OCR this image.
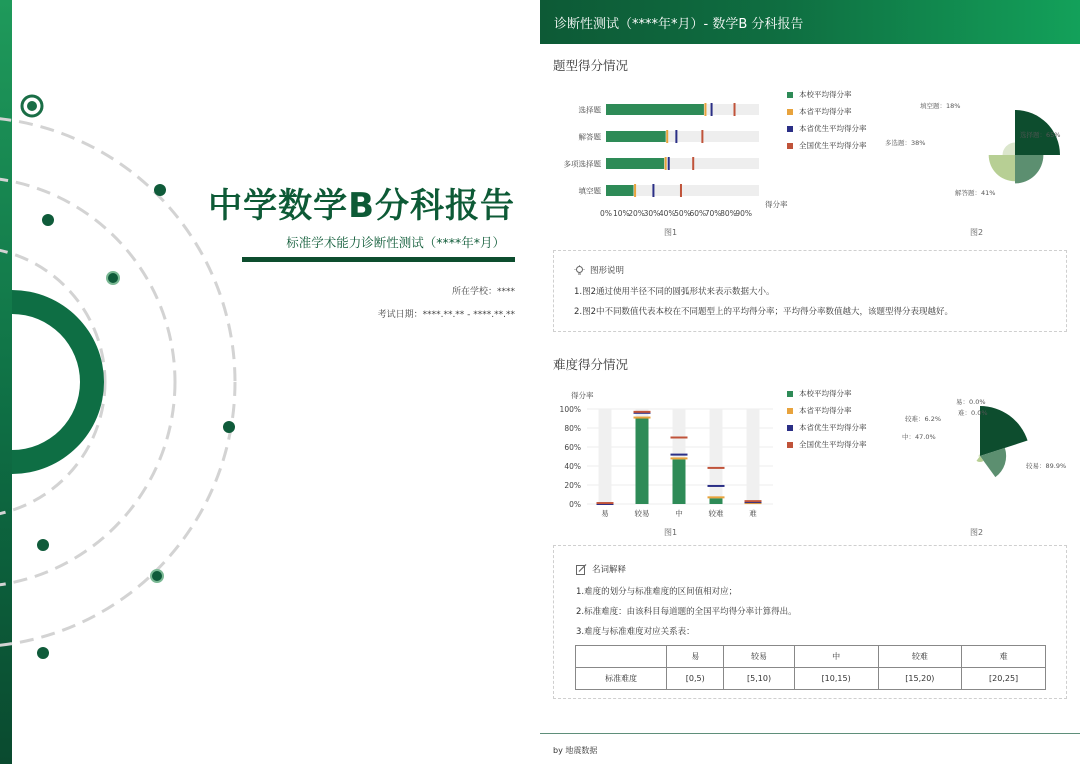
中学数学B分科报告
标准学术能力诊断性测试（****年*月）
所在学校：****
考试日期：****.**.** - ****.**.**
诊断性测试（****年*月）- 数学B 分科报告
题型得分情况
选择题
解答题
多项选择题
填空题
0% 10%
20%
30%
40%
50%
60%
70%
80%
90%
得分率
图1
本校平均得分率
本省平均得分率
本省优生平均得分率
全国优生平均得分率
选择题：65%
解答题：41%
多选题：38%
填空题：18%
图2
图形说明
1.图2通过使用半径不同的圆弧形状来表示数据大小。
2.图2中不同数值代表本校在不同题型上的平均得分率；平均得分率数值越大，该题型得分表现越好。
难度得分情况
得分率
0%
20%
40%
60%
80%
100%
易	较易	中	较难	难
图1
本校平均得分率
本省平均得分率
本省优生平均得分率
全国优生平均得分率
易：0.0%
较易：89.9%
中：47.0%
较难：6.2%
难：0.0%
图2
名词解释
1.难度的划分与标准难度的区间值相对应；
2.标准难度：由该科目每道题的全国平均得分率计算得出。
3.难度与标准难度对应关系表：
	易	较易	中	较难	难
标准难度	[0,5)	[5,10)	[10,15)	[15,20)	[20,25]
by 地震数据
